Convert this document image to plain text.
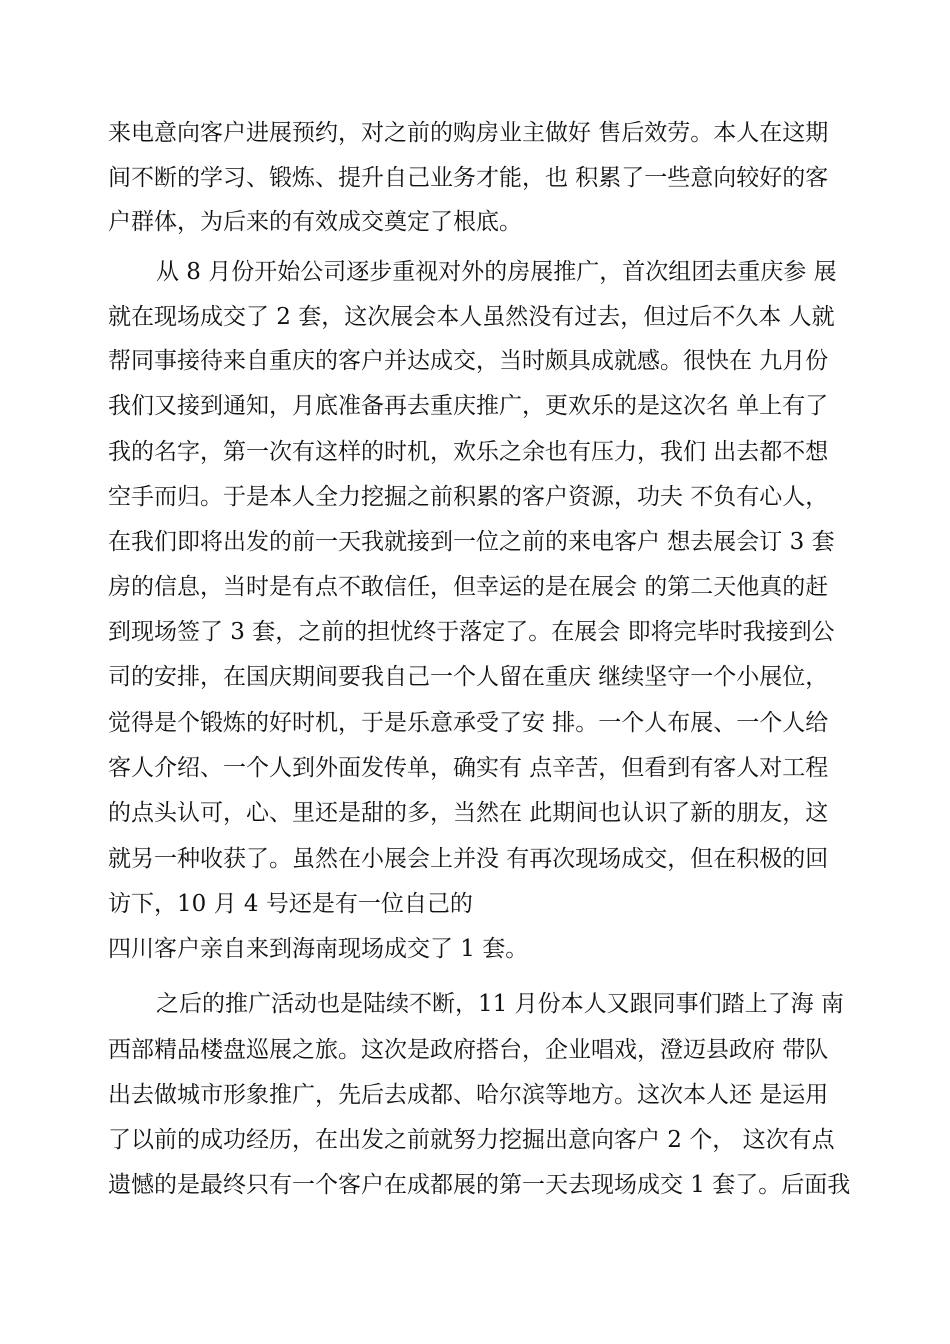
来电意向客户进展预约，对之前的购房业主做好 售后效劳。本人在这期
间不断的学习、锻炼、提升自己业务才能，也 积累了一些意向较好的客
户群体，为后来的有效成交奠定了根底。
从 8 月份开始公司逐步重视对外的房展推广，首次组团去重庆参 展
就在现场成交了 2 套，这次展会本人虽然没有过去，但过后不久本 人就
帮同事接待来自重庆的客户并达成交，当时颇具成就感。很快在 九月份
我们又接到通知，月底准备再去重庆推广，更欢乐的是这次名 单上有了
我的名字，第一次有这样的时机，欢乐之余也有压力，我们 出去都不想
空手而归。于是本人全力挖掘之前积累的客户资源，功夫 不负有心人，
在我们即将出发的前一天我就接到一位之前的来电客户 想去展会订 3 套
房的信息，当时是有点不敢信任，但幸运的是在展会 的第二天他真的赶
到现场签了 3 套，之前的担忧终于落定了。在展会 即将完毕时我接到公
司的安排，在国庆期间要我自己一个人留在重庆 继续坚守一个小展位，
觉得是个锻炼的好时机，于是乐意承受了安 排。一个人布展、一个人给
客人介绍、一个人到外面发传单，确实有 点辛苦，但看到有客人对工程
的点头认可，心、里还是甜的多，当然在 此期间也认识了新的朋友，这
就另一种收获了。虽然在小展会上并没 有再次现场成交，但在积极的回
访下，10 月 4 号还是有一位自己的
四川客户亲自来到海南现场成交了 1 套。
之后的推广活动也是陆续不断，11 月份本人又跟同事们踏上了海 南
西部精品楼盘巡展之旅。这次是政府搭台，企业唱戏，澄迈县政府 带队
出去做城市形象推广，先后去成都、哈尔滨等地方。这次本人还 是运用
了以前的成功经历，在出发之前就努力挖掘出意向客户 2 个， 这次有点
遗憾的是最终只有一个客户在成都展的第一天去现场成交 1 套了。后面我
